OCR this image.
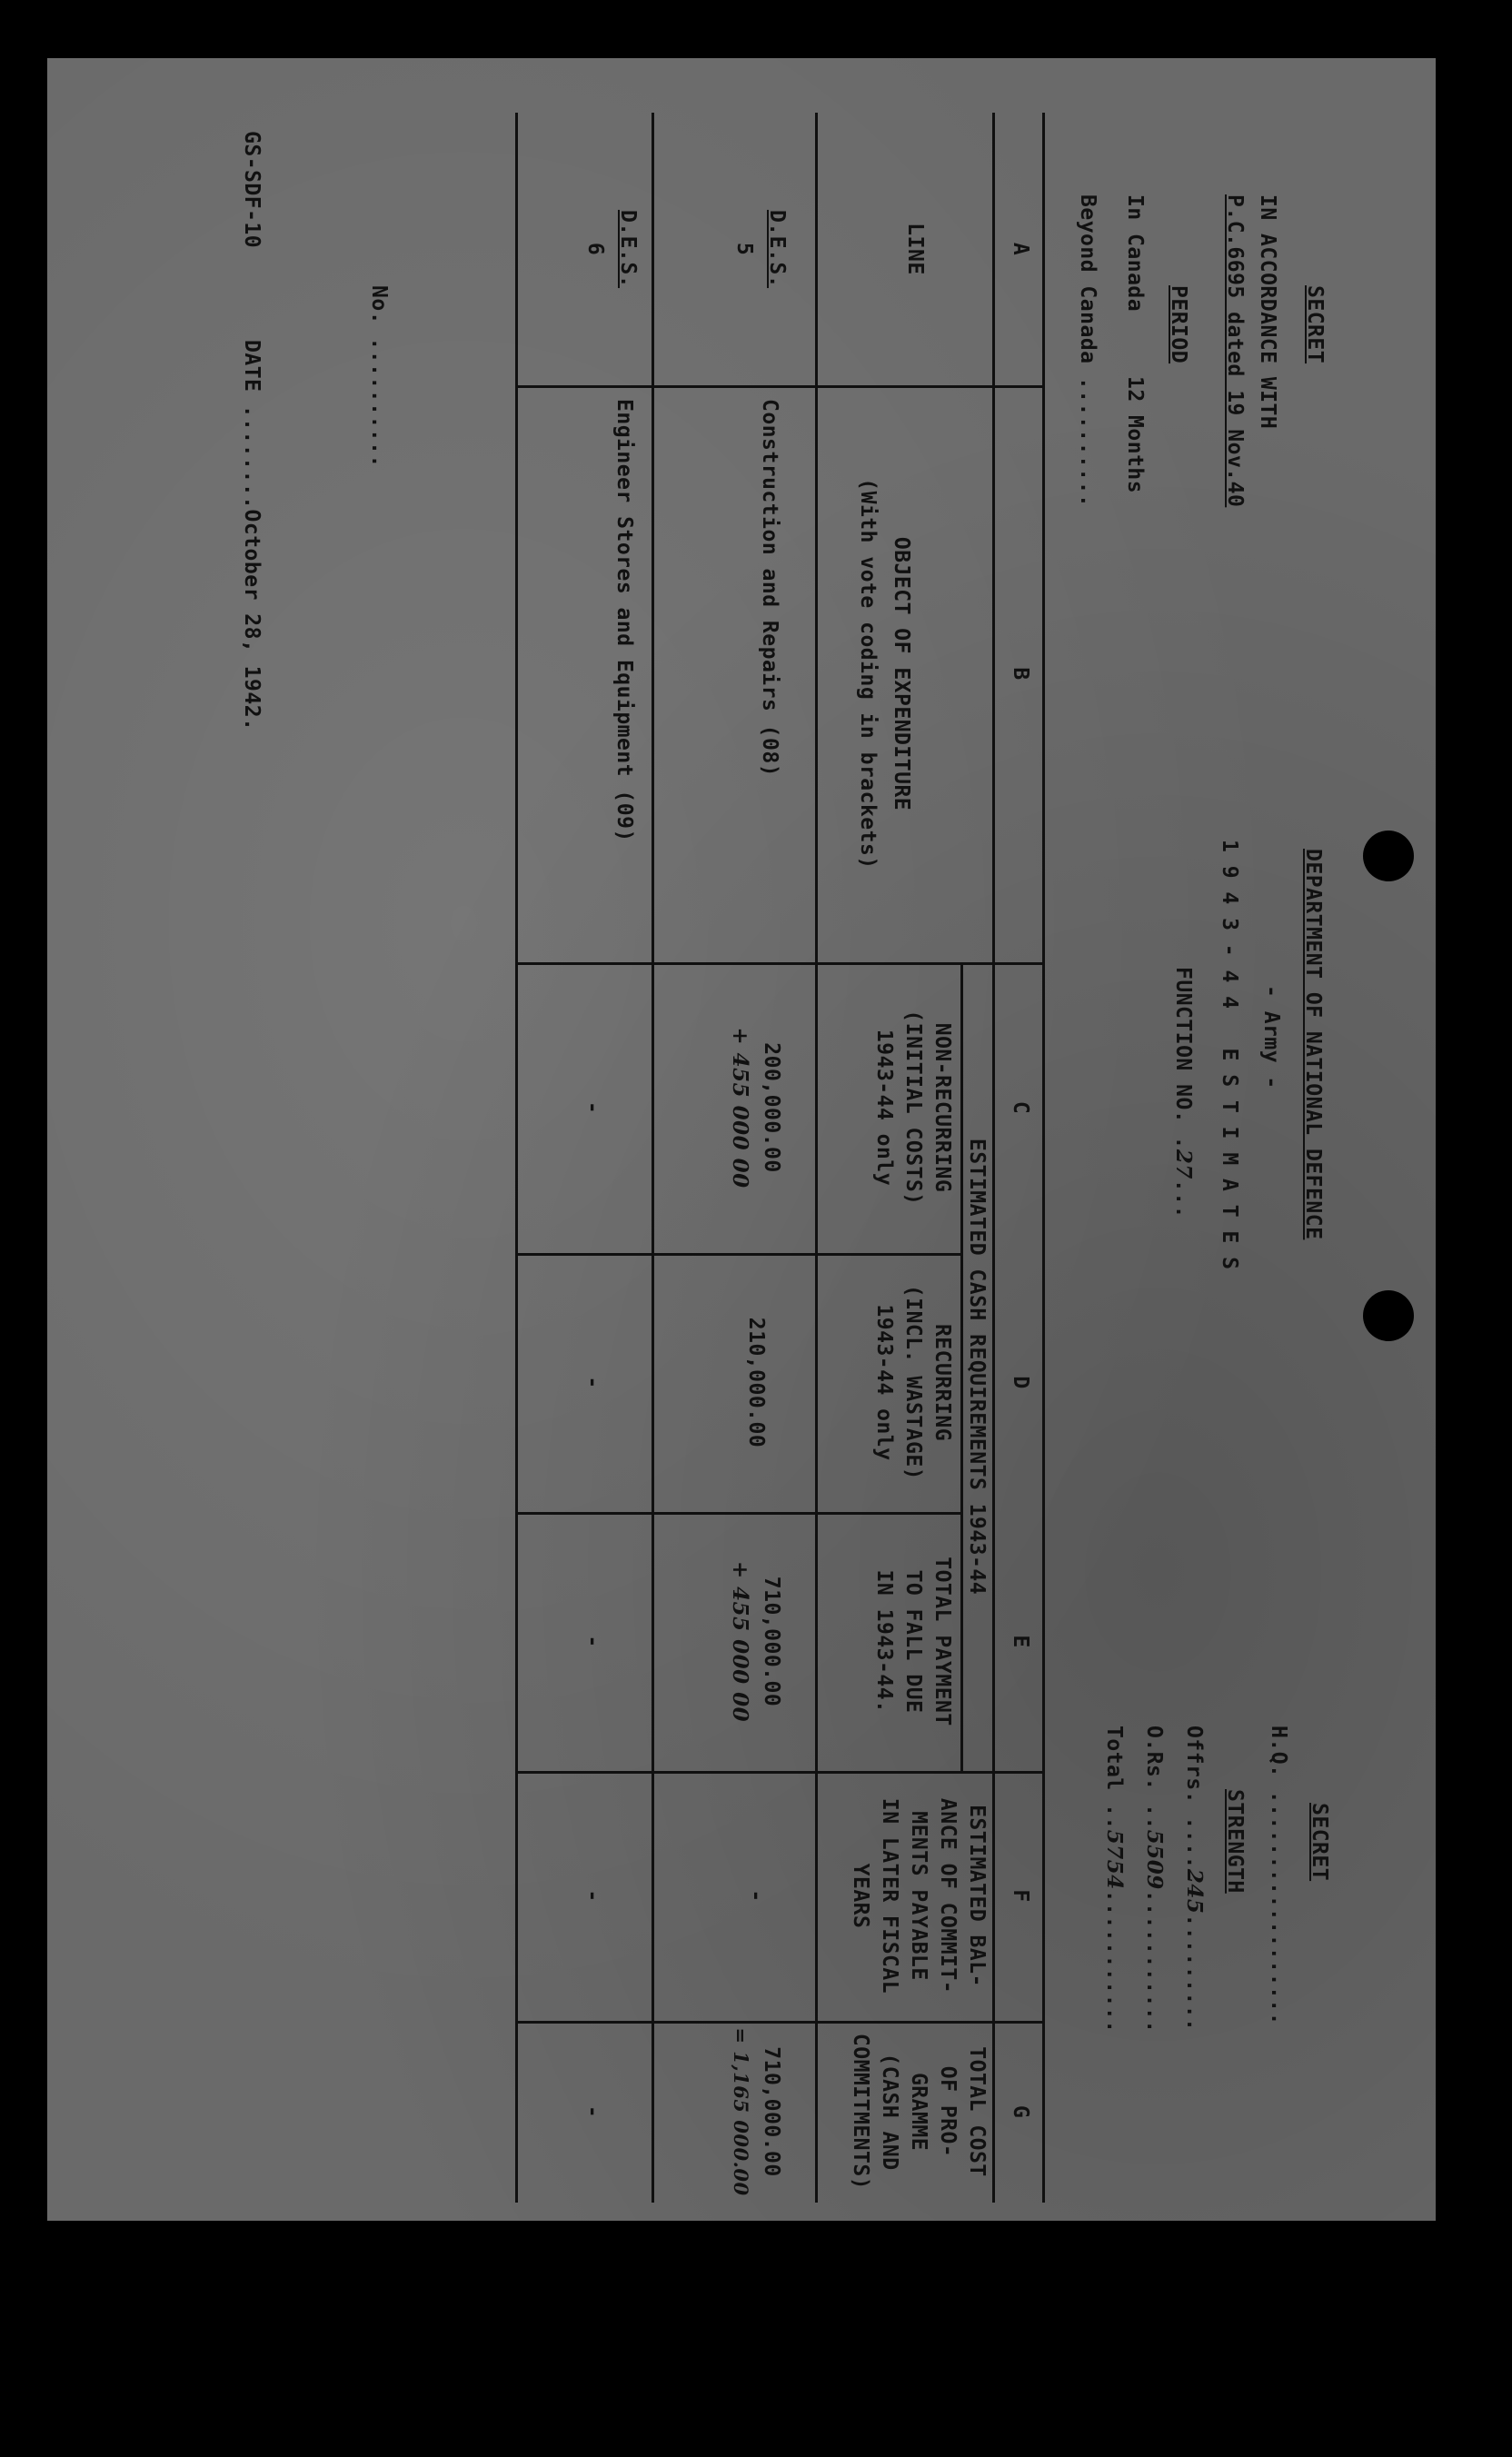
SECRET
IN ACCORDANCE WITH
P.C.6695 dated 19 Nov.40
PERIOD
In Canada
12 Months
Beyond Canada ..........
DEPARTMENT OF NATIONAL DEFENCE
- Army -
1 9 4 3 - 4 4   E S T I M A T E S
FUNCTION NO. .27...
SECRET
H.Q. ..................
STRENGTH
Offrs. ....245.........
O.Rs. ..5509...........
Total ..5754...........
A
B
C
D
E
F
G
LINE
OBJECT OF EXPENDITURE
(With vote coding in brackets)
ESTIMATED CASH REQUIREMENTS 1943-44
NON-RECURRING
(INITIAL COSTS)
1943-44 only
RECURRING
(INCL. WASTAGE)
1943-44 only
TOTAL PAYMENT
TO FALL DUE
IN 1943-44.
ESTIMATED BAL-
ANCE OF COMMIT-
MENTS PAYABLE
IN LATER FISCAL
YEARS
TOTAL COST
OF PRO-
GRAMME
(CASH AND
COMMITMENTS)
D.E.S.
5
Construction and Repairs (08)
200,000.00
+ 455 000 00
210,000.00
710,000.00
+ 455 000 00
-
710,000.00
= 1,165 000.00
D.E.S.
6
Engineer Stores and Equipment (09)
-
-
-
-
-
No. ..........
GS-SDF-10
DATE ........October 28, 1942.
